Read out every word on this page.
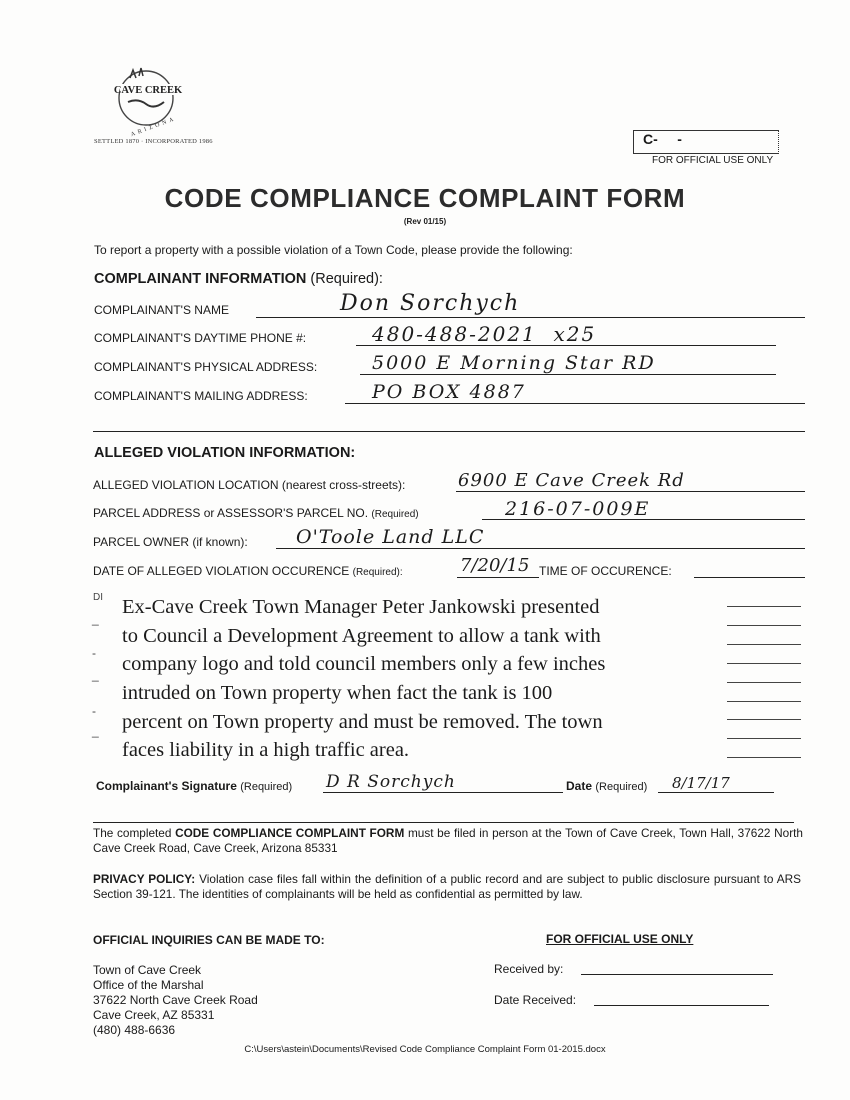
CAVE CREEK
ARIZONA
SETTLED 1870 · INCORPORATED 1986	C-     -
FOR OFFICIAL USE ONLY
CODE COMPLIANCE COMPLAINT FORM
(Rev 01/15)
To report a property with a possible violation of a Town Code, please provide the following:
COMPLAINANT INFORMATION (Required):
COMPLAINANT'S NAME	Don Sorchych
COMPLAINANT'S DAYTIME PHONE #:	480-488-2021  x25
COMPLAINANT'S PHYSICAL ADDRESS:	5000 E Morning Star RD
COMPLAINANT'S MAILING ADDRESS:	PO BOX 4887
ALLEGED VIOLATION INFORMATION:
ALLEGED VIOLATION LOCATION (nearest cross-streets):	6900 E Cave Creek Rd
PARCEL ADDRESS or ASSESSOR'S PARCEL NO. (Required)	216-07-009E
PARCEL OWNER (if known):	O'Toole Land LLC
DATE OF ALLEGED VIOLATION OCCURENCE (Required):	7/20/15 TIME OF OCCURENCE:
DI
_
-
_
-
_
Ex-Cave Creek Town Manager Peter Jankowski presented
to Council a Development Agreement to allow a tank with
company logo and told council members only a few inches
intruded on Town property when fact the tank is 100
percent on Town property and must be removed. The town
faces liability in a high traffic area.
Complainant's Signature (Required) D R Sorchych	Date (Required) 8/17/17
The completed CODE COMPLIANCE COMPLAINT FORM must be filed in person at the Town of Cave Creek, Town Hall, 37622 North Cave Creek Road, Cave Creek, Arizona 85331
PRIVACY POLICY: Violation case files fall within the definition of a public record and are subject to public disclosure pursuant to ARS Section 39-121. The identities of complainants will be held as confidential as permitted by law.
OFFICIAL INQUIRIES CAN BE MADE TO:
Town of Cave Creek
Office of the Marshal
37622 North Cave Creek Road
Cave Creek, AZ 85331
(480) 488-6636
FOR OFFICIAL USE ONLY
Received by:
Date Received:
C:\Users\astein\Documents\Revised Code Compliance Complaint Form 01-2015.docx
